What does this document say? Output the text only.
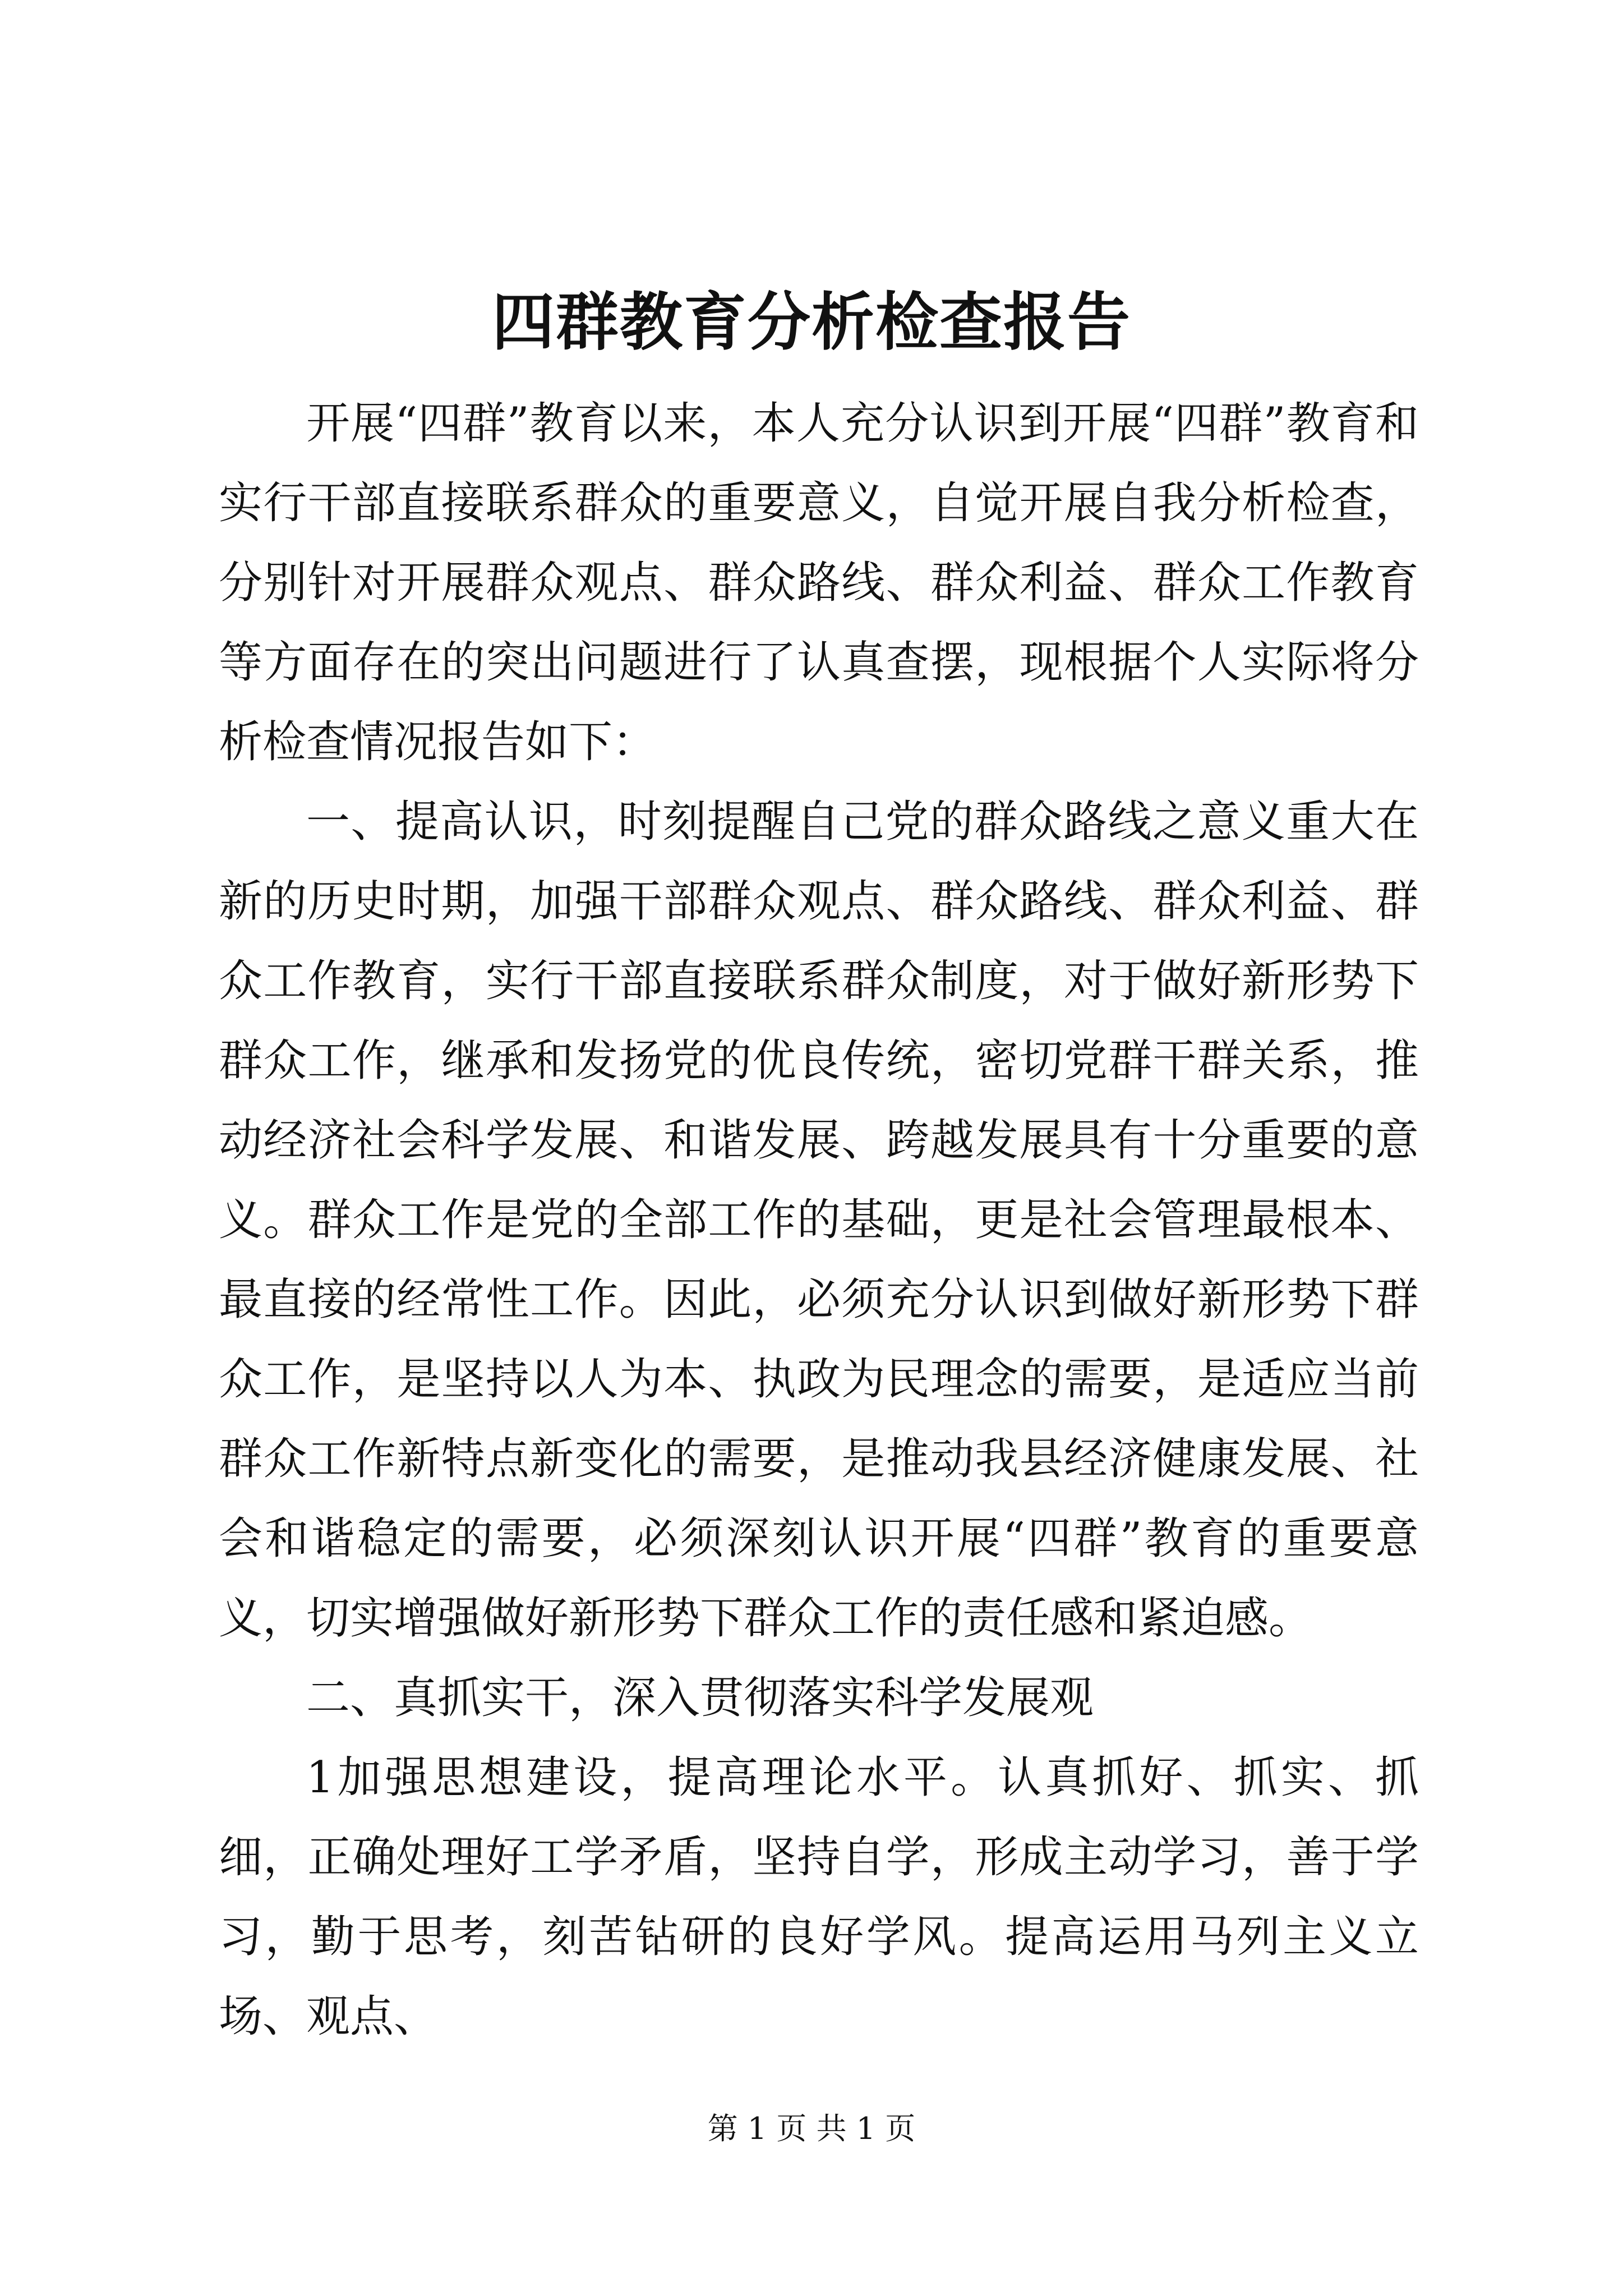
四群教育分析检查报告

开展“四群”教育以来，本人充分认识到开展“四群”教育和实行干部直接联系群众的重要意义，自觉开展自我分析检查，分别针对开展群众观点、群众路线、群众利益、群众工作教育等方面存在的突出问题进行了认真查摆，现根据个人实际将分析检查情况报告如下：

一、提高认识，时刻提醒自己党的群众路线之意义重大在新的历史时期，加强干部群众观点、群众路线、群众利益、群众工作教育，实行干部直接联系群众制度，对于做好新形势下群众工作，继承和发扬党的优良传统，密切党群干群关系，推动经济社会科学发展、和谐发展、跨越发展具有十分重要的意义。群众工作是党的全部工作的基础，更是社会管理最根本、最直接的经常性工作。因此，必须充分认识到做好新形势下群众工作，是坚持以人为本、执政为民理念的需要，是适应当前群众工作新特点新变化的需要，是推动我县经济健康发展、社会和谐稳定的需要，必须深刻认识开展“四群”教育的重要意义，切实增强做好新形势下群众工作的责任感和紧迫感。

二、真抓实干，深入贯彻落实科学发展观

1加强思想建设，提高理论水平。认真抓好、抓实、抓细，正确处理好工学矛盾，坚持自学，形成主动学习，善于学习，勤于思考，刻苦钻研的良好学风。提高运用马列主义立场、观点、

第 1 页 共 1 页
